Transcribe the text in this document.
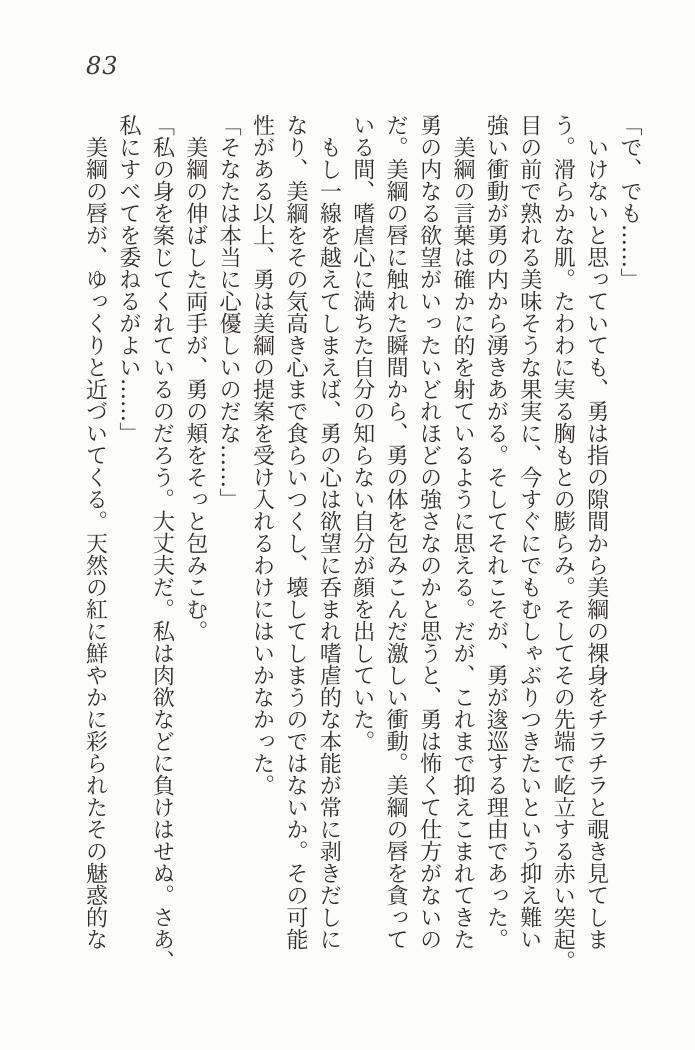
83
「で、でも……」
　いけないと思っていても、勇は指の隙間から美綱の裸身をチラチラと覗き見てしま
う。滑らかな肌。たわわに実る胸もとの膨らみ。そしてその先端で屹立する赤い突起。
目の前で熟れる美味そうな果実に、今すぐにでもむしゃぶりつきたいという抑え難い
強い衝動が勇の内から湧きあがる。そしてそれこそが、勇が逡巡する理由であった。
　美綱の言葉は確かに的を射ているように思える。だが、これまで抑えこまれてきた
勇の内なる欲望がいったいどれほどの強さなのかと思うと、勇は怖くて仕方がないの
だ。美綱の唇に触れた瞬間から、勇の体を包みこんだ激しい衝動。美綱の唇を貪って
いる間、嗜虐心に満ちた自分の知らない自分が顔を出していた。
　もし一線を越えてしまえば、勇の心は欲望に呑まれ嗜虐的な本能が常に剥きだしに
なり、美綱をその気高き心まで食らいつくし、壊してしまうのではないか。その可能
性がある以上、勇は美綱の提案を受け入れるわけにはいかなかった。
「そなたは本当に心優しいのだな……」
　美綱の伸ばした両手が、勇の頬をそっと包みこむ。
「私の身を案じてくれているのだろう。大丈夫だ。私は肉欲などに負けはせぬ。さあ、
私にすべてを委ねるがよい……」
　美綱の唇が、ゆっくりと近づいてくる。天然の紅に鮮やかに彩られたその魅惑的な
